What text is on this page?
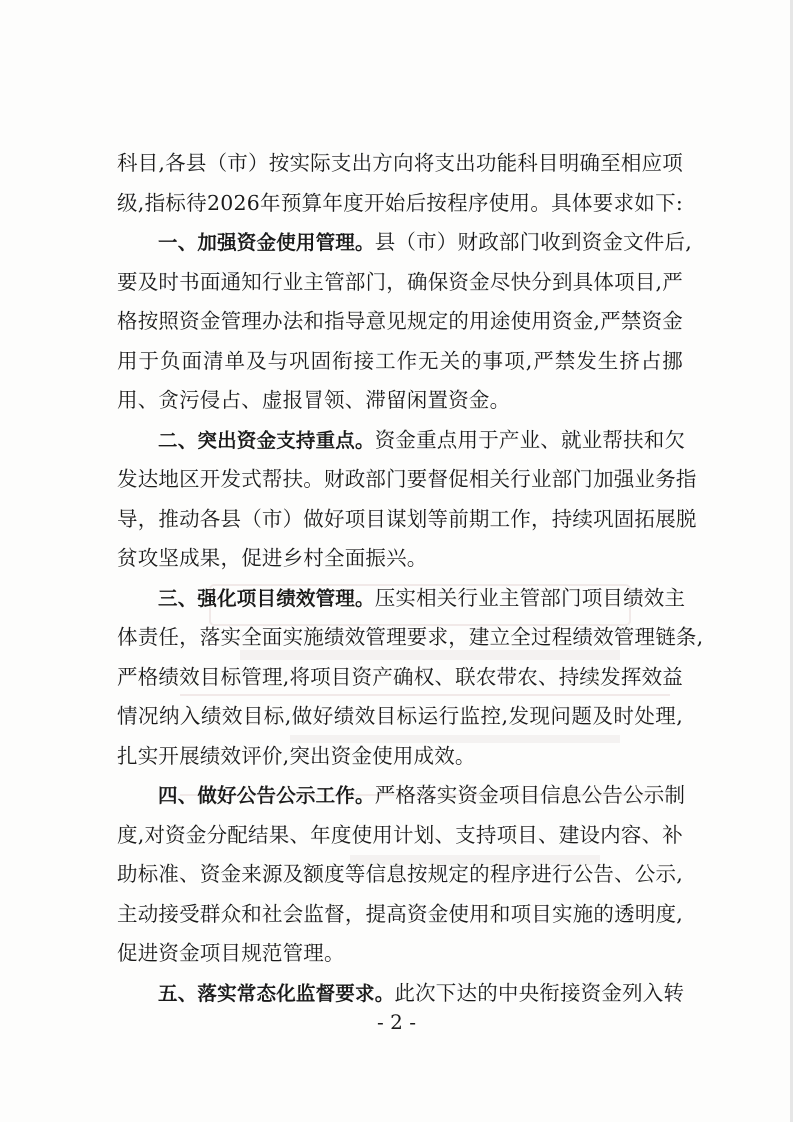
科目,各县（市）按实际支出方向将支出功能科目明确至相应项
级,指标待2026年预算年度开始后按程序使用。具体要求如下:
一、加强资金使用管理。县（市）财政部门收到资金文件后,
要及时书面通知行业主管部门，确保资金尽快分到具体项目,严
格按照资金管理办法和指导意见规定的用途使用资金,严禁资金
用于负面清单及与巩固衔接工作无关的事项,严禁发生挤占挪
用、贪污侵占、虚报冒领、滞留闲置资金。
二、突出资金支持重点。资金重点用于产业、就业帮扶和欠
发达地区开发式帮扶。财政部门要督促相关行业部门加强业务指
导，推动各县（市）做好项目谋划等前期工作，持续巩固拓展脱
贫攻坚成果，促进乡村全面振兴。
三、强化项目绩效管理。压实相关行业主管部门项目绩效主
体责任，落实全面实施绩效管理要求，建立全过程绩效管理链条,
严格绩效目标管理,将项目资产确权、联农带农、持续发挥效益
情况纳入绩效目标,做好绩效目标运行监控,发现问题及时处理,
扎实开展绩效评价,突出资金使用成效。
四、做好公告公示工作。严格落实资金项目信息公告公示制
度,对资金分配结果、年度使用计划、支持项目、建设内容、补
助标准、资金来源及额度等信息按规定的程序进行公告、公示,
主动接受群众和社会监督，提高资金使用和项目实施的透明度,
促进资金项目规范管理。
五、落实常态化监督要求。此次下达的中央衔接资金列入转
- 2 -
